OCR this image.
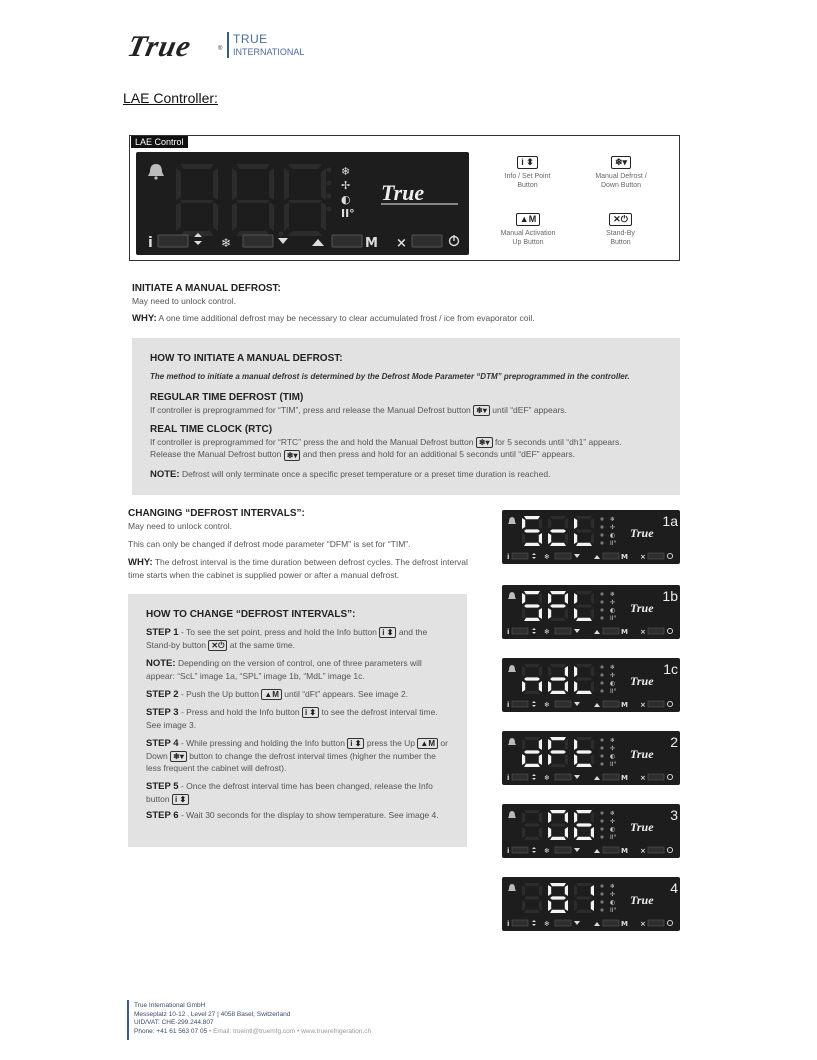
True	®
TRUE
INTERNATIONAL
LAE Controller:
LAE Control
❄
✢
◐
II°
True
i	❄	M ×
i ⬍
Info / Set Point
Button
❄▾
Manual Defrost /
Down Button
▲M
Manual Activation
Up Button
✕⏻
Stand-By
Button
INITIATE A MANUAL DEFROST:
May need to unlock control.
WHY: A one time additional defrost may be necessary to clear accumulated frost / ice from evaporator coil.
HOW TO INITIATE A MANUAL DEFROST:
The method to initiate a manual defrost is determined by the Defrost Mode Parameter “DTM” preprogrammed in the controller.
REGULAR TIME DEFROST (TIM)
If controller is preprogrammed for “TIM”, press and release the Manual Defrost button ❄▾ until “dEF” appears.
REAL TIME CLOCK (RTC)
If controller is preprogrammed for “RTC” press the and hold the Manual Defrost button ❄▾ for 5 seconds until “dh1” appears.
Release the Manual Defrost button ❄▾ and then press and hold for an additional 5 seconds until “dEF” appears.
NOTE: Defrost will only terminate once a specific preset temperature or a preset time duration is reached.
CHANGING “DEFROST INTERVALS”:
May need to unlock control.
This can only be changed if defrost mode parameter “DFM” is set for “TIM”.
WHY: The defrost interval is the time duration between defrost cycles. The defrost interval time starts when the cabinet is supplied power or after a manual defrost.
HOW TO CHANGE “DEFROST INTERVALS”:
STEP 1 - To see the set point, press and hold the Info button i ⬍ and the
Stand-by button ✕⏻ at the same time.
NOTE: Depending on the version of control, one of three parameters will appear: “ScL” image 1a, “SPL” image 1b, “MdL” image 1c.
STEP 2 - Push the Up button ▲M until “dFt” appears. See image 2.
STEP 3 - Press and hold the Info button i ⬍ to see the defrost interval time. See image 3.
STEP 4 - While pressing and holding the Info button i ⬍ press the Up ▲M or Down ❄▾ button to change the defrost interval times (higher the number the less frequent the cabinet will defrost).
STEP 5 - Once the defrost interval time has been changed, release the Info button i ⬍
STEP 6 - Wait 30 seconds for the display to show temperature. See image 4.
❄
✢
◐
II°
True
1a
i	❄	M ×
❄
✢
◐
II°
True
1b
i	❄	M ×
❄
✢
◐
II°
True
1c
i	❄	M ×
❄
✢
◐
II°
True
2
i	❄	M ×
❄
✢
◐
II°
True
3
i	❄	M ×
❄
✢
◐
II°
True
4
i	❄	M ×
True International GmbH
Messeplatz 10-12 , Level 27 | 4058 Basel, Switzerland
UID/VAT: CHE-299.244.807
Phone: +41 61 563 07 05 • Email: trueintl@truemfg.com • www.truerefrigeration.ch
